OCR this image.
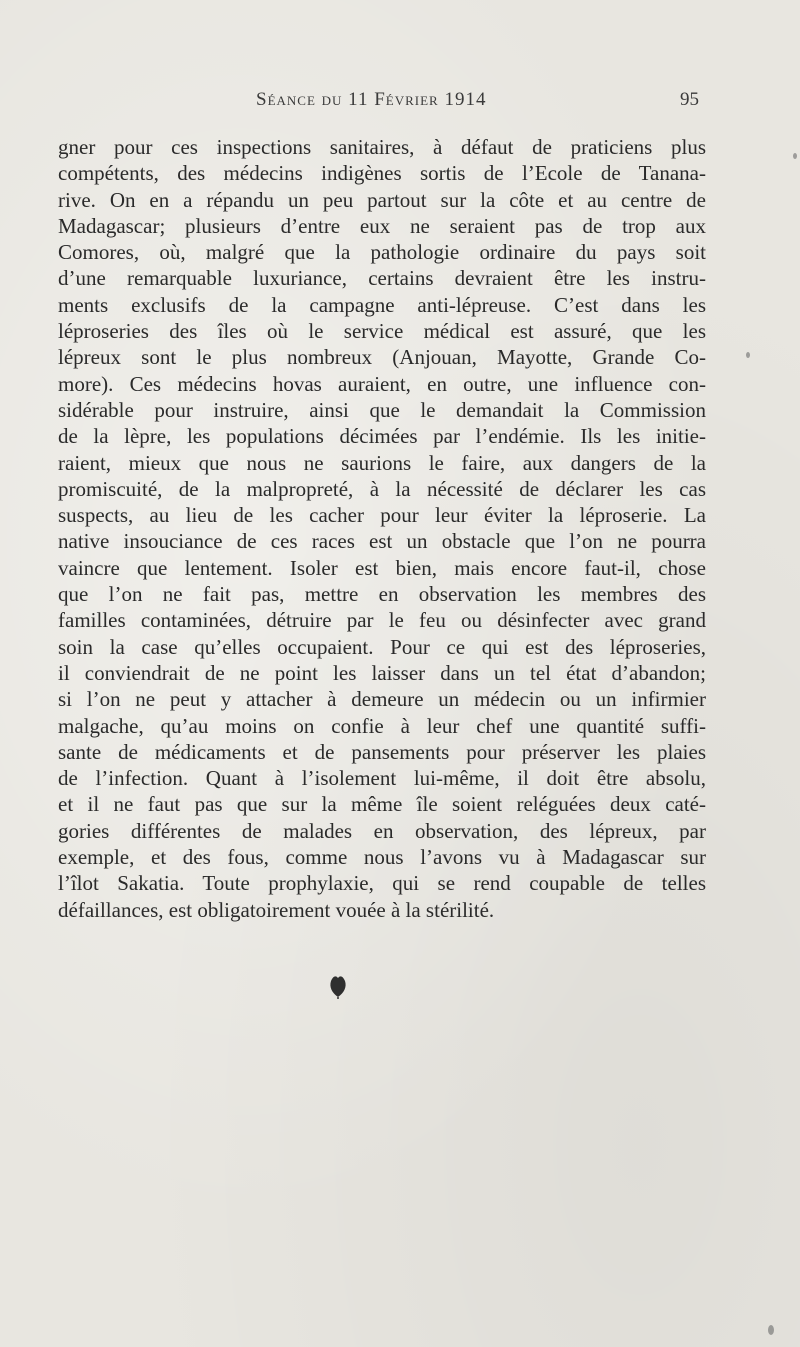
Séance du 11 Février 1914	95
gner pour ces inspections sanitaires, à défaut de praticiens plus
compétents, des médecins indigènes sortis de l’Ecole de Tanana-
rive. On en a répandu un peu partout sur la côte et au centre de
Madagascar; plusieurs d’entre eux ne seraient pas de trop aux
Comores, où, malgré que la pathologie ordinaire du pays soit
d’une remarquable luxuriance, certains devraient être les instru-
ments exclusifs de la campagne anti-lépreuse. C’est dans les
léproseries des îles où le service médical est assuré, que les
lépreux sont le plus nombreux (Anjouan, Mayotte, Grande Co-
more). Ces médecins hovas auraient, en outre, une influence con-
sidérable pour instruire, ainsi que le demandait la Commission
de la lèpre, les populations décimées par l’endémie. Ils les initie-
raient, mieux que nous ne saurions le faire, aux dangers de la
promiscuité, de la malpropreté, à la nécessité de déclarer les cas
suspects, au lieu de les cacher pour leur éviter la léproserie. La
native insouciance de ces races est un obstacle que l’on ne pourra
vaincre que lentement. Isoler est bien, mais encore faut-il, chose
que l’on ne fait pas, mettre en observation les membres des
familles contaminées, détruire par le feu ou désinfecter avec grand
soin la case qu’elles occupaient. Pour ce qui est des léproseries,
il conviendrait de ne point les laisser dans un tel état d’abandon;
si l’on ne peut y attacher à demeure un médecin ou un infirmier
malgache, qu’au moins on confie à leur chef une quantité suffi-
sante de médicaments et de pansements pour préserver les plaies
de l’infection. Quant à l’isolement lui-même, il doit être absolu,
et il ne faut pas que sur la même île soient reléguées deux caté-
gories différentes de malades en observation, des lépreux, par
exemple, et des fous, comme nous l’avons vu à Madagascar sur
l’îlot Sakatia. Toute prophylaxie, qui se rend coupable de telles
défaillances, est obligatoirement vouée à la stérilité.
